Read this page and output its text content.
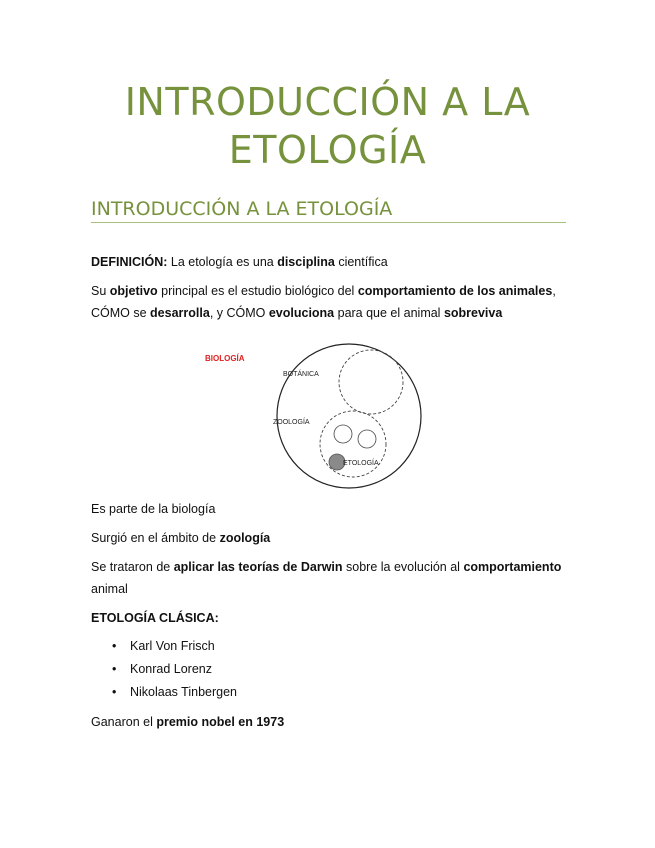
INTRODUCCIÓN A LA
ETOLOGÍA
INTRODUCCIÓN A LA ETOLOGÍA
DEFINICIÓN: La etología es una disciplina científica
Su objetivo principal es el estudio biológico del comportamiento de los animales,
CÓMO se desarrolla, y CÓMO evoluciona para que el animal sobreviva
BIOLOGÍA
BOTÁNICA
ZOOLOGÍA
ETOLOGÍA
Es parte de la biología
Surgió en el ámbito de zoología
Se trataron de aplicar las teorías de Darwin sobre la evolución al comportamiento
animal
ETOLOGÍA CLÁSICA:
• Karl Von Frisch
• Konrad Lorenz
• Nikolaas Tinbergen
Ganaron el premio nobel en 1973
